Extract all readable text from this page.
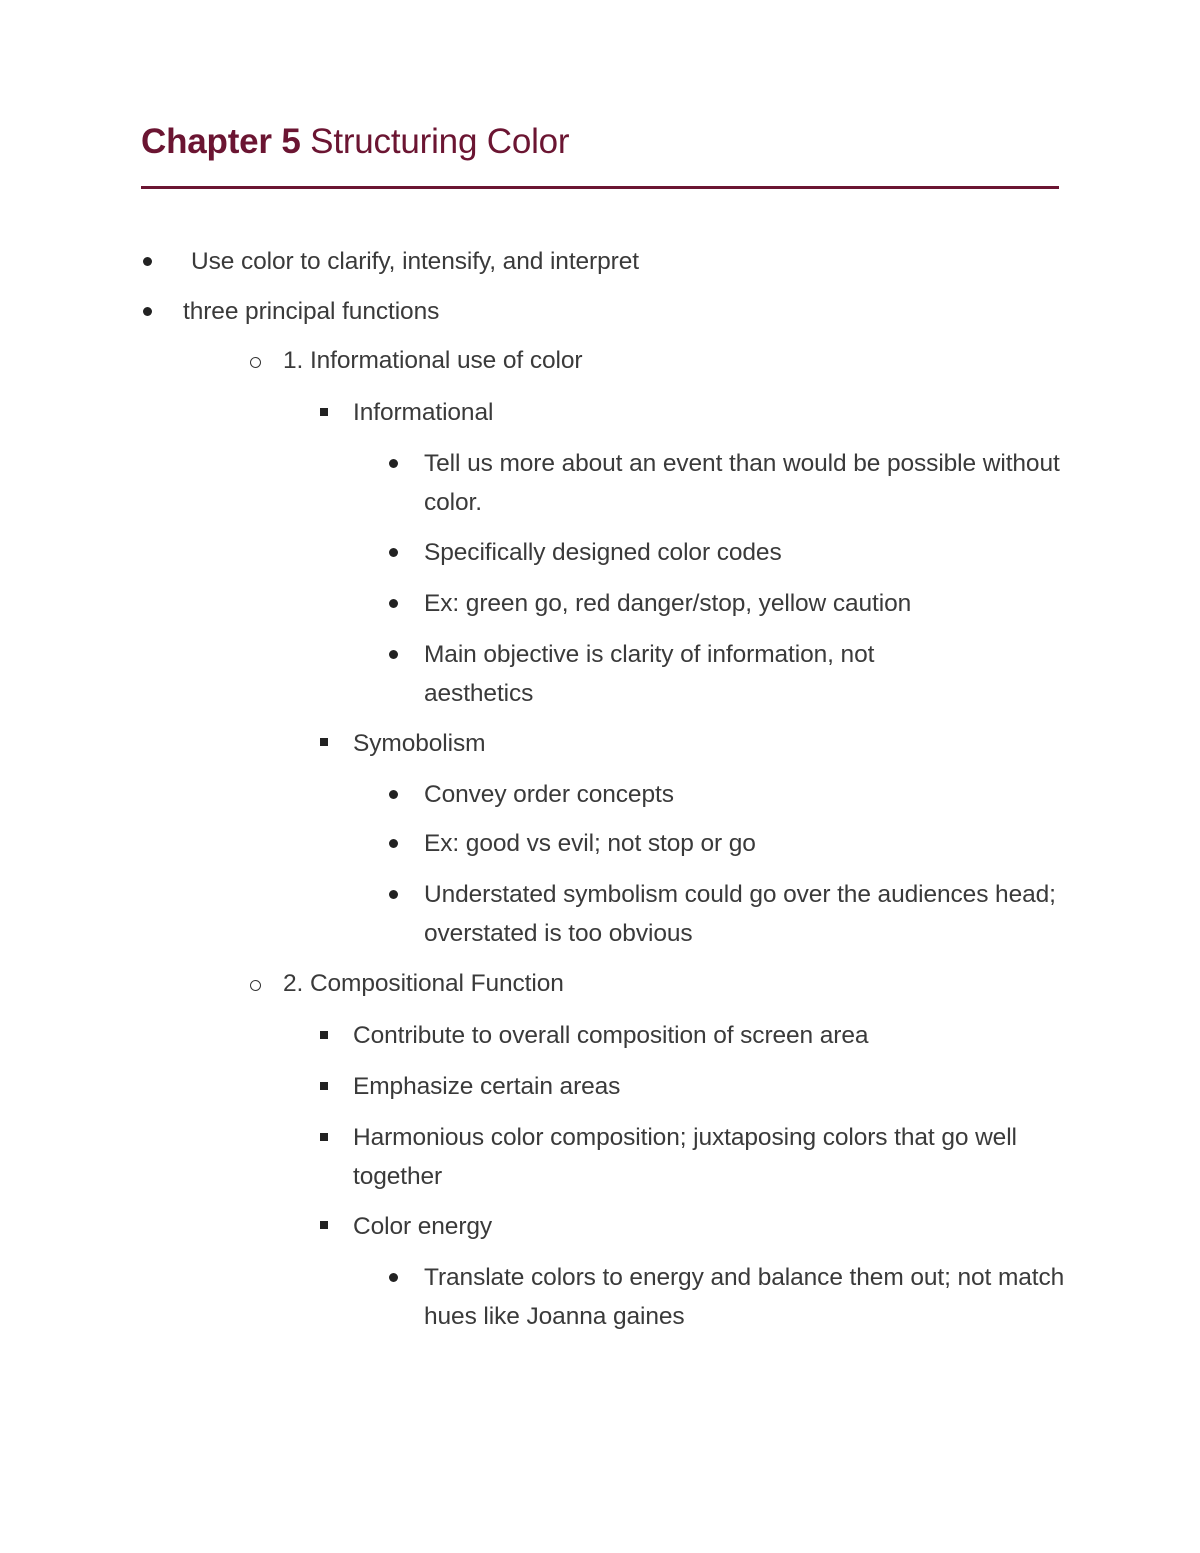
Chapter 5 Structuring Color
Use color to clarify, intensify, and interpret
three principal functions
1. Informational use of color
Informational
Tell us more about an event than would be possible without color.
Specifically designed color codes
Ex: green go, red danger/stop, yellow caution
Main objective is clarity of information, not aesthetics
Symobolism
Convey order concepts
Ex: good vs evil; not stop or go
Understated symbolism could go over the audiences head; overstated is too obvious
2. Compositional Function
Contribute to overall composition of screen area
Emphasize certain areas
Harmonious color composition; juxtaposing colors that go well together
Color energy
Translate colors to energy and balance them out; not match hues like Joanna gaines
